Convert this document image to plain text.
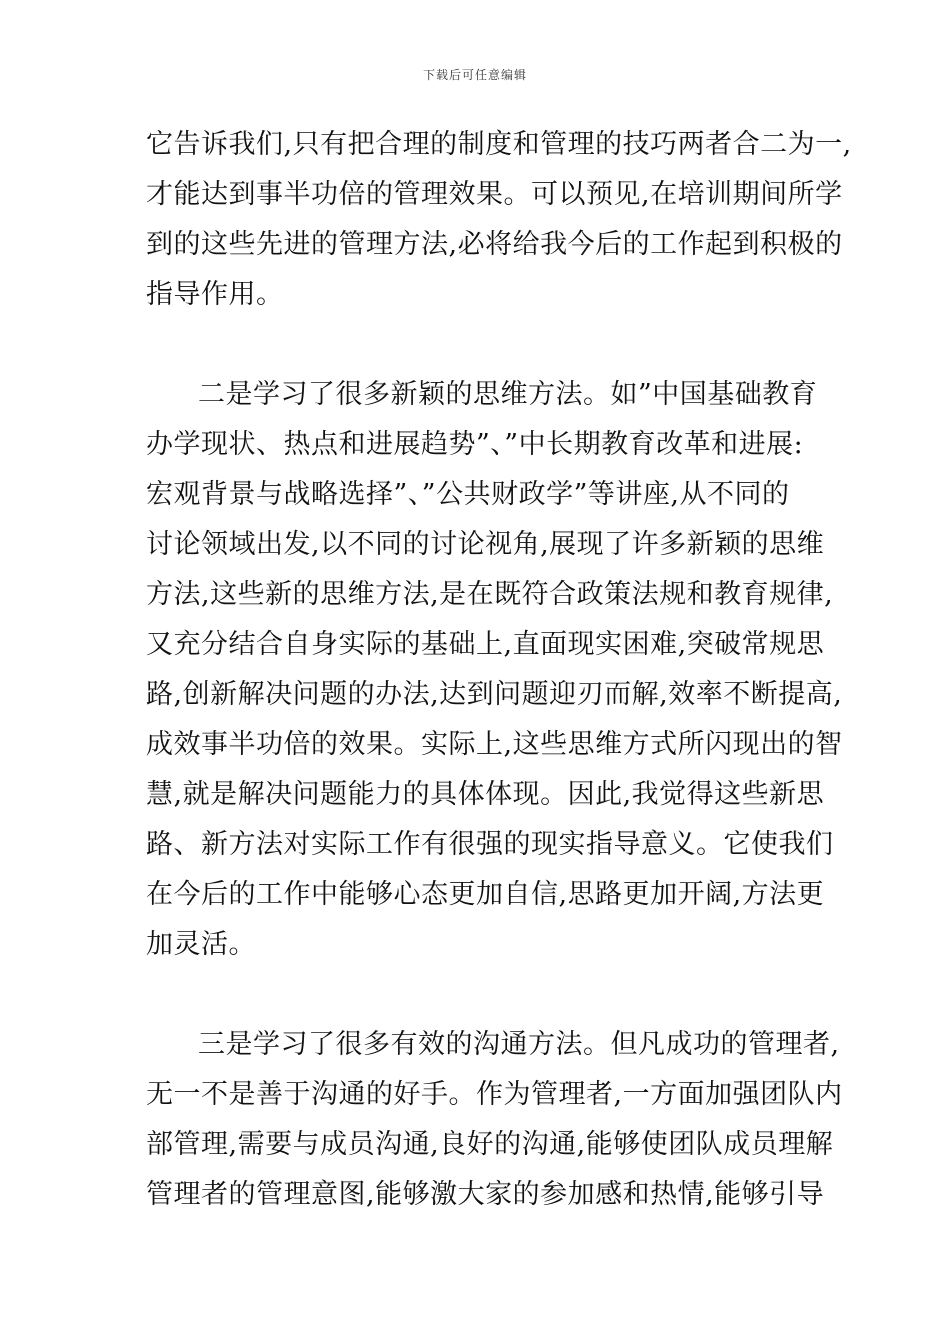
下载后可任意编辑
它告诉我们,只有把合理的制度和管理的技巧两者合二为一,
才能达到事半功倍的管理效果。可以预见,在培训期间所学
到的这些先进的管理方法,必将给我今后的工作起到积极的
指导作用。
二是学习了很多新颖的思维方法。如”中国基础教育
办学现状、热点和进展趋势”、”中长期教育改革和进展:
宏观背景与战略选择”、”公共财政学”等讲座,从不同的
讨论领域出发,以不同的讨论视角,展现了许多新颖的思维
方法,这些新的思维方法,是在既符合政策法规和教育规律,
又充分结合自身实际的基础上,直面现实困难,突破常规思
路,创新解决问题的办法,达到问题迎刃而解,效率不断提高,
成效事半功倍的效果。实际上,这些思维方式所闪现出的智
慧,就是解决问题能力的具体体现。因此,我觉得这些新思
路、新方法对实际工作有很强的现实指导意义。它使我们
在今后的工作中能够心态更加自信,思路更加开阔,方法更
加灵活。
三是学习了很多有效的沟通方法。但凡成功的管理者,
无一不是善于沟通的好手。作为管理者,一方面加强团队内
部管理,需要与成员沟通,良好的沟通,能够使团队成员理解
管理者的管理意图,能够激大家的参加感和热情,能够引导
